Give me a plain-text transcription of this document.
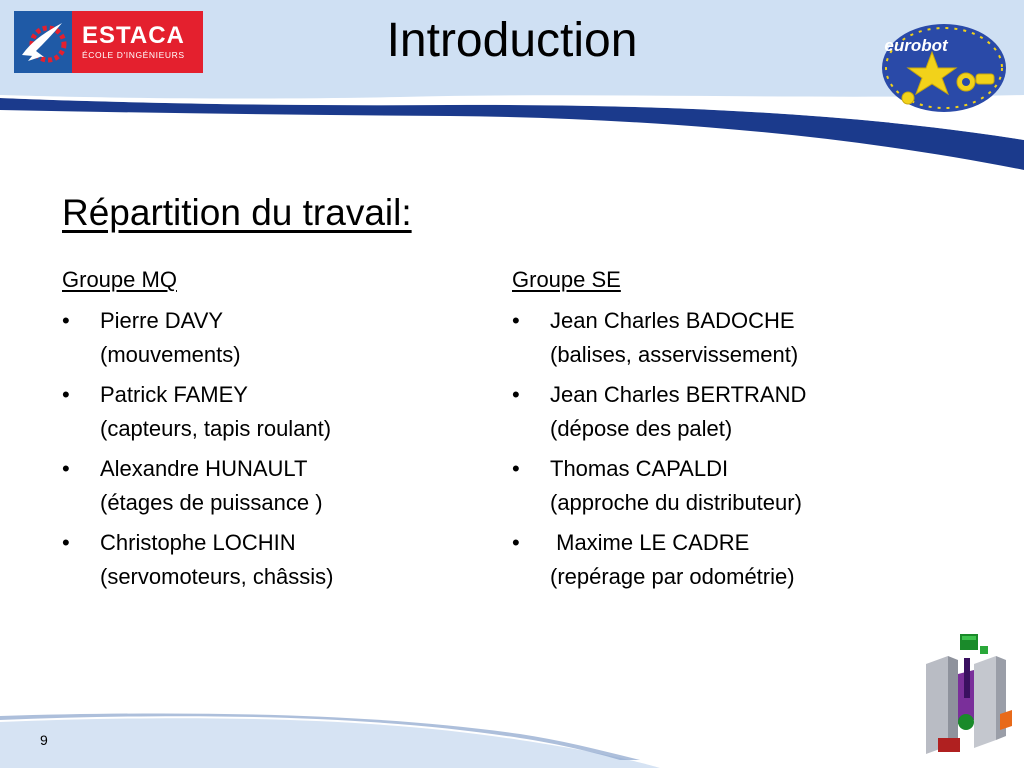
ESTACA
ÉCOLE D'INGÉNIEURS	Introduction	eurobot
Répartition du travail:
Groupe MQ
• Pierre DAVY
(mouvements)
• Patrick FAMEY
(capteurs, tapis roulant)
• Alexandre HUNAULT
(étages de puissance )
• Christophe LOCHIN
(servomoteurs, châssis)
Groupe SE
• Jean Charles BADOCHE
(balises, asservissement)
• Jean Charles BERTRAND
(dépose des palet)
• Thomas CAPALDI
(approche du distributeur)
• Maxime LE CADRE
(repérage par odométrie)
9
